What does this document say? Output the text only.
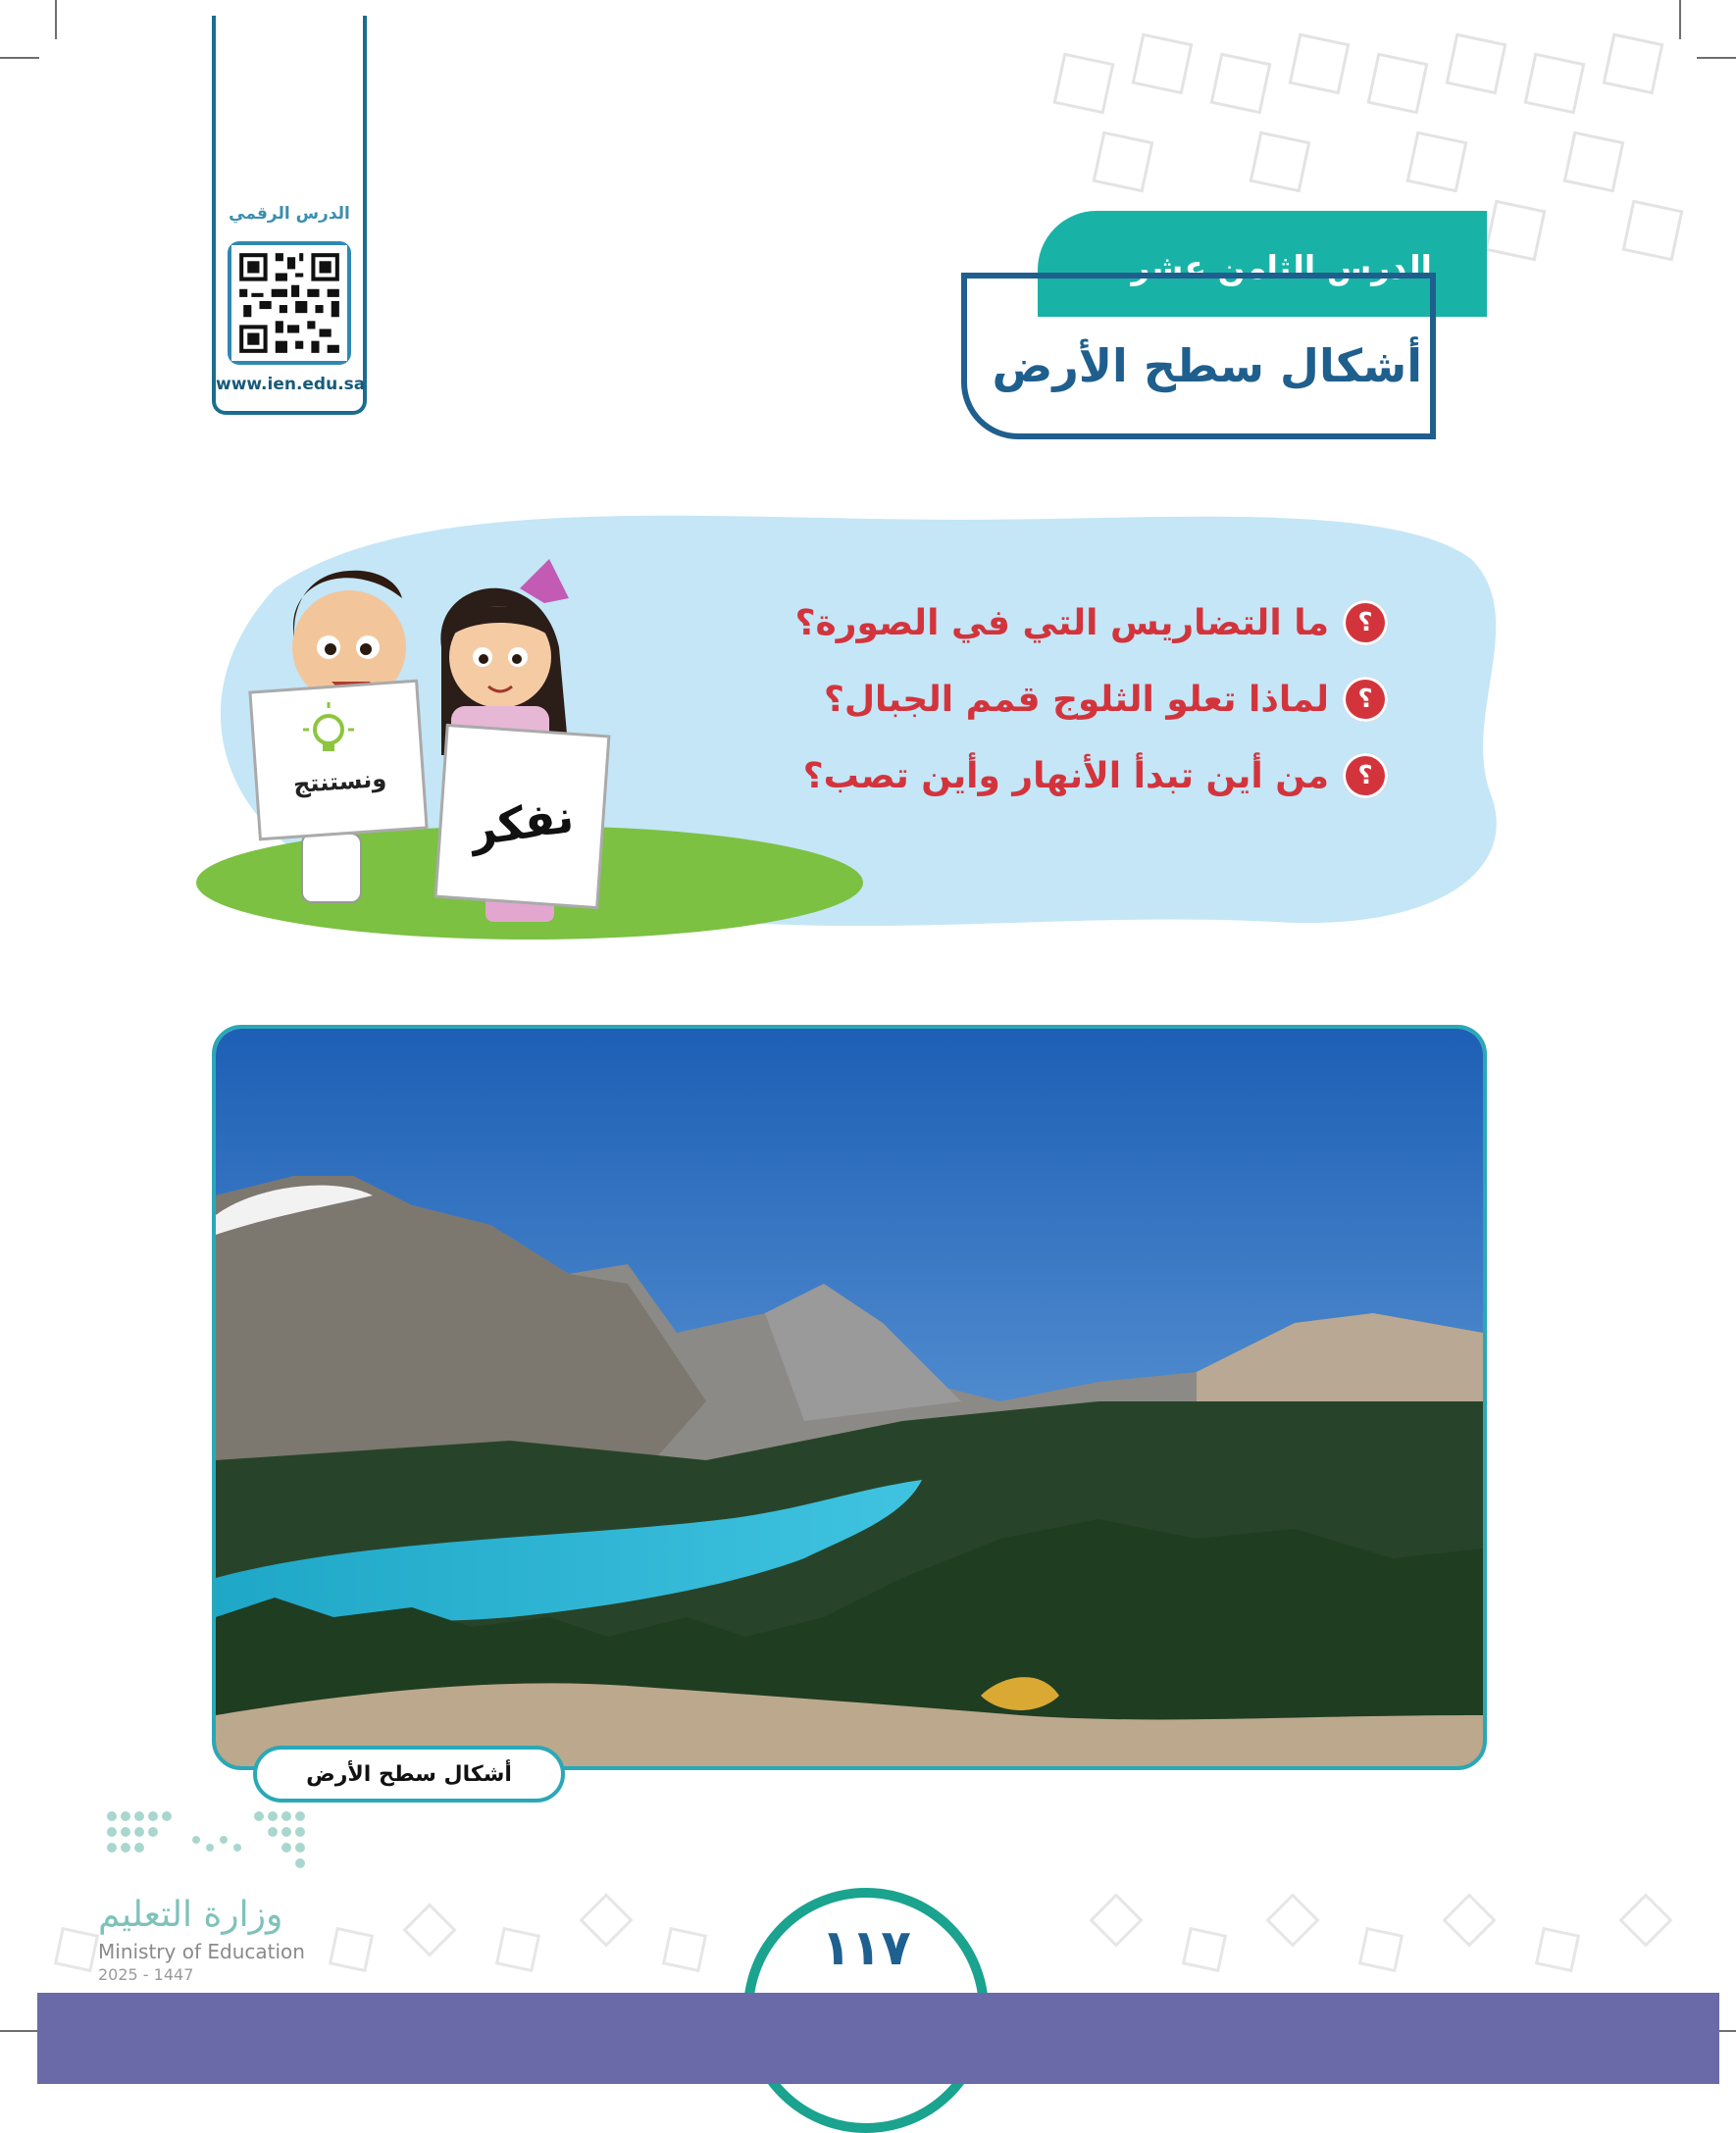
الدرس الرقمي
www.ien.edu.sa
الدرس الثامن عشر
أشكال سطح الأرض
ونستنتج
نفكر
؟
ما التضاريس التي في الصورة؟
؟
لماذا تعلو الثلوج قمم الجبال؟
؟
من أين تبدأ الأنهار وأين تصب؟
أشكال سطح الأرض
وزارة التعليم
Ministry of Education
2025 - 1447	١١٧
